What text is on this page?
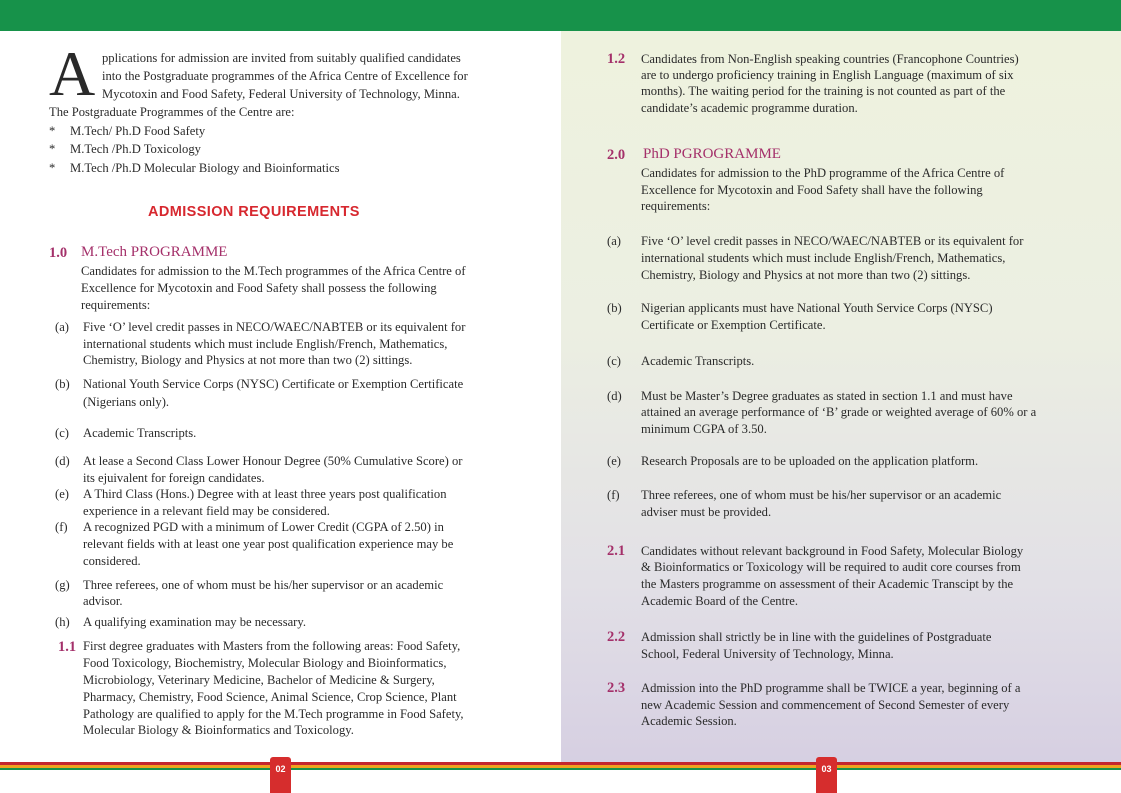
A pplications for admission are invited from suitably qualified candidates
into the Postgraduate programmes of the Africa Centre of Excellence for
Mycotoxin and Food Safety, Federal University of Technology, Minna.
The Postgraduate Programmes of the Centre are:
* M.Tech/ Ph.D Food Safety
* M.Tech /Ph.D Toxicology
* M.Tech /Ph.D Molecular Biology and Bioinformatics
ADMISSION REQUIREMENTS
1.0 M.Tech PROGRAMME
Candidates for admission to the M.Tech programmes of the Africa Centre of
Excellence for Mycotoxin and Food Safety shall possess the following
requirements:
(a) Five ‘O’ level credit passes in NECO/WAEC/NABTEB or its equivalent for
international students which must include English/French, Mathematics,
Chemistry, Biology and Physics at not more than two (2) sittings.
(b) National Youth Service Corps (NYSC) Certificate or Exemption Certificate
(Nigerians only).
(c) Academic Transcripts.
(d) At lease a Second Class Lower Honour Degree (50% Cumulative Score) or
its ejuivalent for foreign candidates.
(e) A Third Class (Hons.) Degree with at least three years post qualification
experience in a relevant field may be considered.
(f) A recognized PGD with a minimum of Lower Credit (CGPA of 2.50) in
relevant fields with at least one year post qualification experience may be
considered.
(g) Three referees, one of whom must be his/her supervisor or an academic
advisor.
(h) A qualifying examination may be necessary.
1.1 First degree graduates with Masters from the following areas: Food Safety,
Food Toxicology, Biochemistry, Molecular Biology and Bioinformatics,
Microbiology, Veterinary Medicine, Bachelor of Medicine & Surgery,
Pharmacy, Chemistry, Food Science, Animal Science, Crop Science, Plant
Pathology are qualified to apply for the M.Tech programme in Food Safety,
Molecular Biology & Bioinformatics and Toxicology.
02
1.2 Candidates from Non-English speaking countries (Francophone Countries)
are to undergo proficiency training in English Language (maximum of six
months). The waiting period for the training is not counted as part of the
candidate’s academic programme duration.
2.0 PhD PGROGRAMME
Candidates for admission to the PhD programme of the Africa Centre of
Excellence for Mycotoxin and Food Safety shall have the following
requirements:
(a) Five ‘O’ level credit passes in NECO/WAEC/NABTEB or its equivalent for
international students which must include English/French, Mathematics,
Chemistry, Biology and Physics at not more than two (2) sittings.
(b) Nigerian applicants must have National Youth Service Corps (NYSC)
Certificate or Exemption Certificate.
(c) Academic Transcripts.
(d) Must be Master’s Degree graduates as stated in section 1.1 and must have
attained an average performance of ‘B’ grade or weighted average of 60% or a
minimum CGPA of 3.50.
(e) Research Proposals are to be uploaded on the application platform.
(f) Three referees, one of whom must be his/her supervisor or an academic
adviser must be provided.
2.1 Candidates without relevant background in Food Safety, Molecular Biology
& Bioinformatics or Toxicology will be required to audit core courses from
the Masters programme on assessment of their Academic Transcipt by the
Academic Board of the Centre.
2.2 Admission shall strictly be in line with the guidelines of Postgraduate
School, Federal University of Technology, Minna.
2.3 Admission into the PhD programme shall be TWICE a year, beginning of a
new Academic Session and commencement of Second Semester of every
Academic Session.
03
